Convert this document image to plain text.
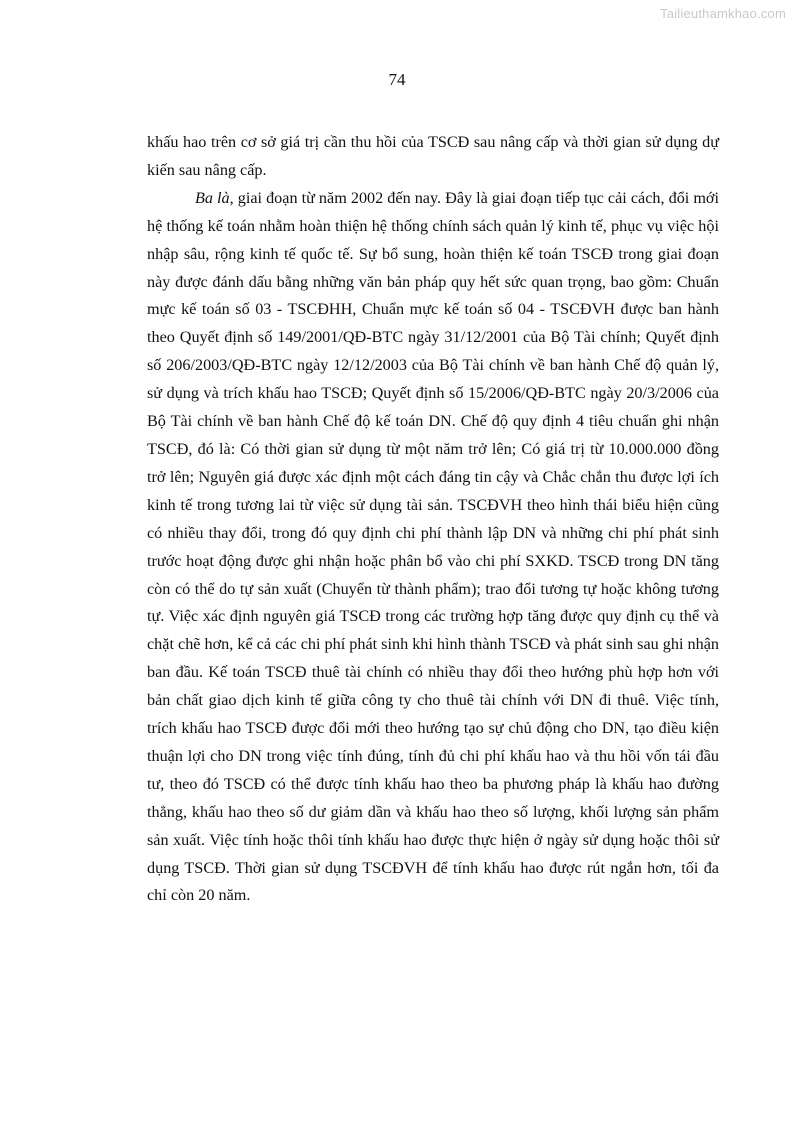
Tailieuthamkhao.com
74

khấu hao trên cơ sở giá trị cần thu hồi của TSCĐ sau nâng cấp và thời gian sử dụng dự kiến sau nâng cấp.

Ba là, giai đoạn từ năm 2002 đến nay. Đây là giai đoạn tiếp tục cải cách, đổi mới hệ thống kế toán nhằm hoàn thiện hệ thống chính sách quản lý kinh tế, phục vụ việc hội nhập sâu, rộng kinh tế quốc tế. Sự bổ sung, hoàn thiện kế toán TSCĐ trong giai đoạn này được đánh dấu bằng những văn bản pháp quy hết sức quan trọng, bao gồm: Chuẩn mực kế toán số 03 - TSCĐHH, Chuẩn mực kế toán số 04 - TSCĐVH được ban hành theo Quyết định số 149/2001/QĐ-BTC ngày 31/12/2001 của Bộ Tài chính; Quyết định số 206/2003/QĐ-BTC ngày 12/12/2003 của Bộ Tài chính về ban hành Chế độ quản lý, sử dụng và trích khấu hao TSCĐ; Quyết định số 15/2006/QĐ-BTC ngày 20/3/2006 của Bộ Tài chính về ban hành Chế độ kế toán DN. Chế độ quy định 4 tiêu chuẩn ghi nhận TSCĐ, đó là: Có thời gian sử dụng từ một năm trở lên; Có giá trị từ 10.000.000 đồng trở lên; Nguyên giá được xác định một cách đáng tin cậy và Chắc chắn thu được lợi ích kinh tế trong tương lai từ việc sử dụng tài sản. TSCĐVH theo hình thái biểu hiện cũng có nhiều thay đổi, trong đó quy định chi phí thành lập DN và những chi phí phát sinh trước hoạt động được ghi nhận hoặc phân bổ vào chi phí SXKD. TSCĐ trong DN tăng còn có thể do tự sản xuất (Chuyển từ thành phẩm); trao đổi tương tự hoặc không tương tự. Việc xác định nguyên giá TSCĐ trong các trường hợp tăng được quy định cụ thể và chặt chẽ hơn, kể cả các chi phí phát sinh khi hình thành TSCĐ và phát sinh sau ghi nhận ban đầu. Kế toán TSCĐ thuê tài chính có nhiều thay đổi theo hướng phù hợp hơn với bản chất giao dịch kinh tế giữa công ty cho thuê tài chính với DN đi thuê. Việc tính, trích khấu hao TSCĐ được đổi mới theo hướng tạo sự chủ động cho DN, tạo điều kiện thuận lợi cho DN trong việc tính đúng, tính đủ chi phí khấu hao và thu hồi vốn tái đầu tư, theo đó TSCĐ có thể được tính khấu hao theo ba phương pháp là khấu hao đường thẳng, khấu hao theo số dư giảm dần và khấu hao theo số lượng, khối lượng sản phẩm sản xuất. Việc tính hoặc thôi tính khấu hao được thực hiện ở ngày sử dụng hoặc thôi sử dụng TSCĐ. Thời gian sử dụng TSCĐVH để tính khấu hao được rút ngắn hơn, tối đa chỉ còn 20 năm.
